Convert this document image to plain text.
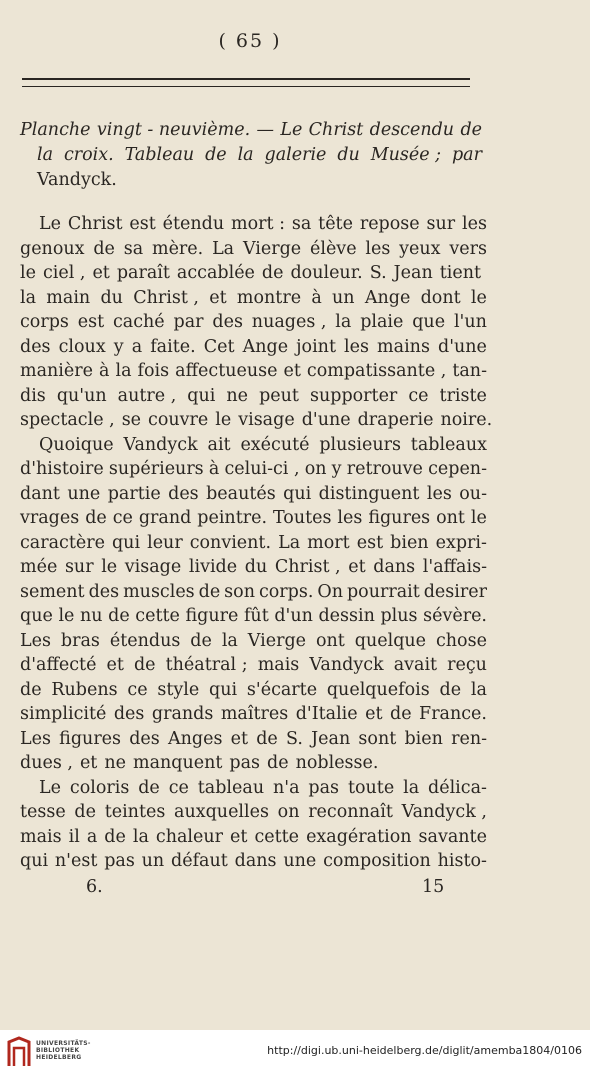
( 65 )
Planche vingt - neuvième. — Le Christ descendu de
la croix. Tableau de la galerie du Musée ; par
Vandyck.
Le Christ est étendu mort : sa tête repose sur les
genoux de sa mère. La Vierge élève les yeux vers
le ciel , et paraît accablée de douleur. S. Jean tient
la main du Christ , et montre à un Ange dont le
corps est caché par des nuages , la plaie que l'un
des cloux y a faite. Cet Ange joint les mains d'une
manière à la fois affectueuse et compatissante , tan-
dis qu'un autre , qui ne peut supporter ce triste
spectacle , se couvre le visage d'une draperie noire.
Quoique Vandyck ait exécuté plusieurs tableaux
d'histoire supérieurs à celui-ci , on y retrouve cepen-
dant une partie des beautés qui distinguent les ou-
vrages de ce grand peintre. Toutes les figures ont le
caractère qui leur convient. La mort est bien expri-
mée sur le visage livide du Christ , et dans l'affais-
sement des muscles de son corps. On pourrait desirer
que le nu de cette figure fût d'un dessin plus sévère.
Les bras étendus de la Vierge ont quelque chose
d'affecté et de théatral ; mais Vandyck avait reçu
de Rubens ce style qui s'écarte quelquefois de la
simplicité des grands maîtres d'Italie et de France.
Les figures des Anges et de S. Jean sont bien ren-
dues , et ne manquent pas de noblesse.
Le coloris de ce tableau n'a pas toute la délica-
tesse de teintes auxquelles on reconnaît Vandyck ,
mais il a de la chaleur et cette exagération savante
qui n'est pas un défaut dans une composition histo-
6.	15
UNIVERSITÄTS-
BIBLIOTHEK
HEIDELBERG
http://digi.ub.uni-heidelberg.de/diglit/amemba1804/0106
